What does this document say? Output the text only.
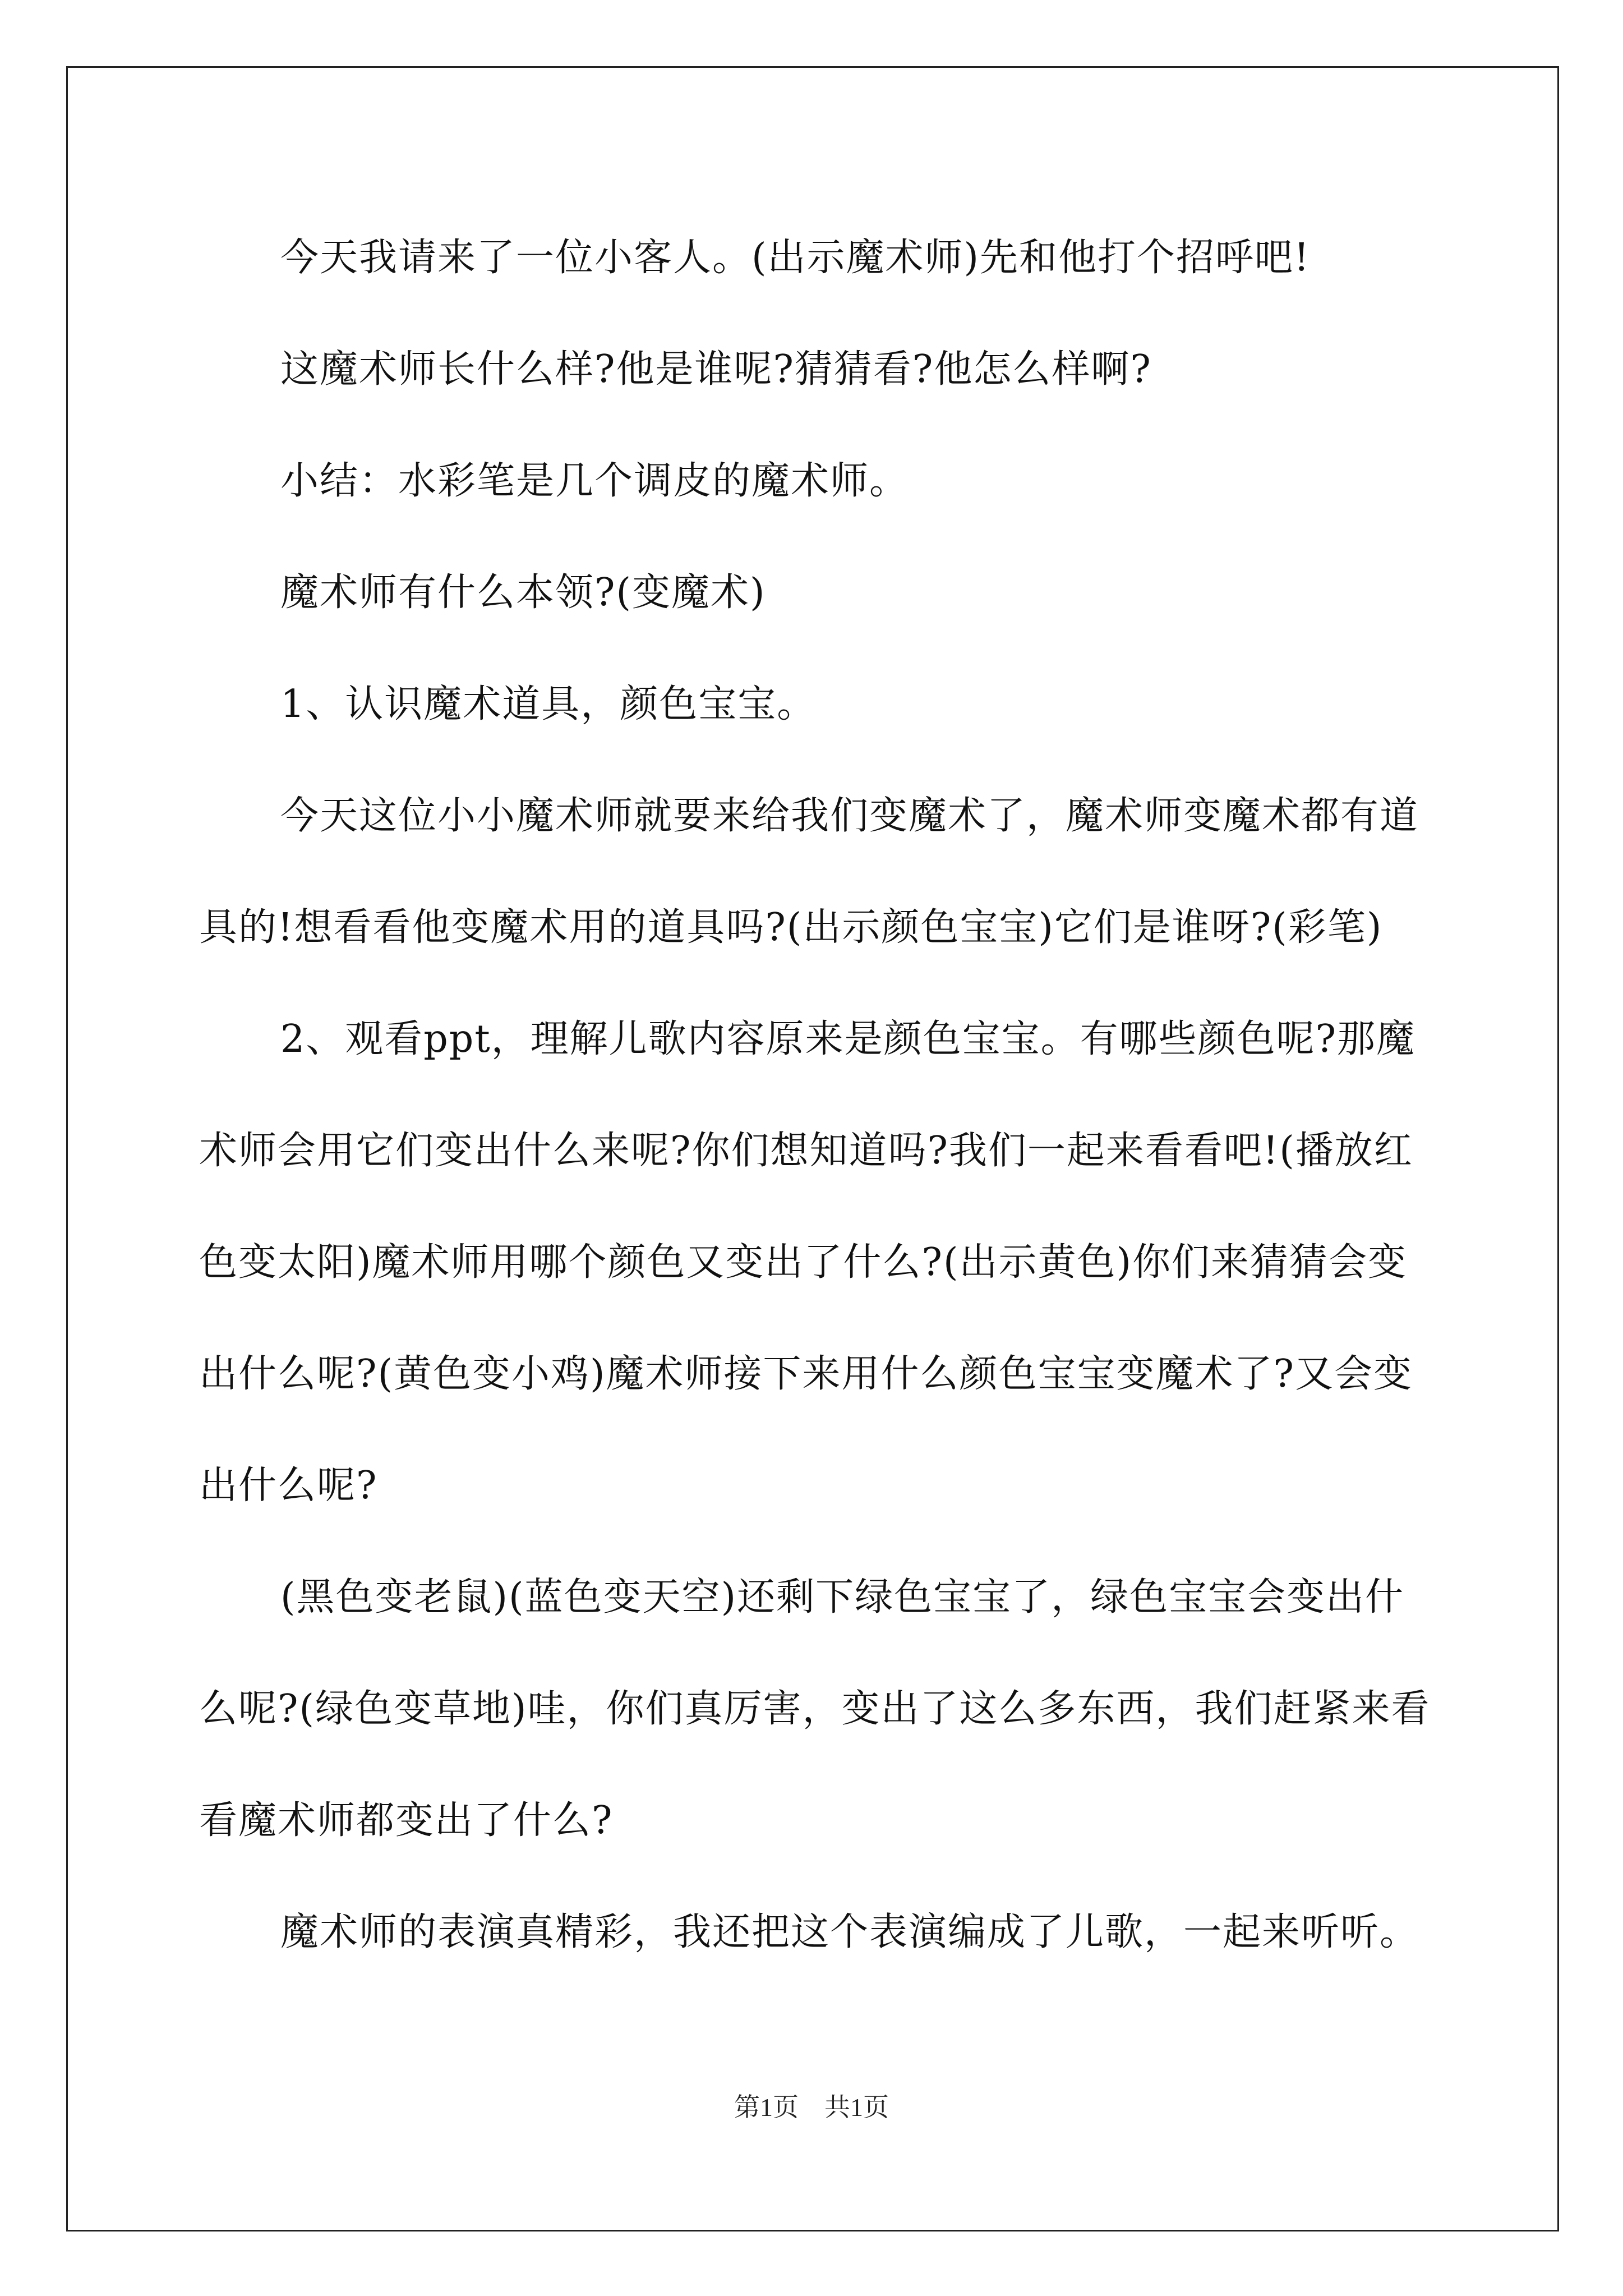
今天我请来了一位小客人。(出示魔术师)先和他打个招呼吧!

这魔术师长什么样?他是谁呢?猜猜看?他怎么样啊?

小结：水彩笔是几个调皮的魔术师。

魔术师有什么本领?(变魔术)

1、认识魔术道具，颜色宝宝。

今天这位小小魔术师就要来给我们变魔术了，魔术师变魔术都有道具的!想看看他变魔术用的道具吗?(出示颜色宝宝)它们是谁呀?(彩笔)

2、观看ppt，理解儿歌内容原来是颜色宝宝。有哪些颜色呢?那魔术师会用它们变出什么来呢?你们想知道吗?我们一起来看看吧!(播放红色变太阳)魔术师用哪个颜色又变出了什么?(出示黄色)你们来猜猜会变出什么呢?(黄色变小鸡)魔术师接下来用什么颜色宝宝变魔术了?又会变出什么呢?

(黑色变老鼠)(蓝色变天空)还剩下绿色宝宝了，绿色宝宝会变出什么呢?(绿色变草地)哇，你们真厉害，变出了这么多东西，我们赶紧来看看魔术师都变出了什么?

魔术师的表演真精彩，我还把这个表演编成了儿歌，一起来听听。

第1页　共1页
